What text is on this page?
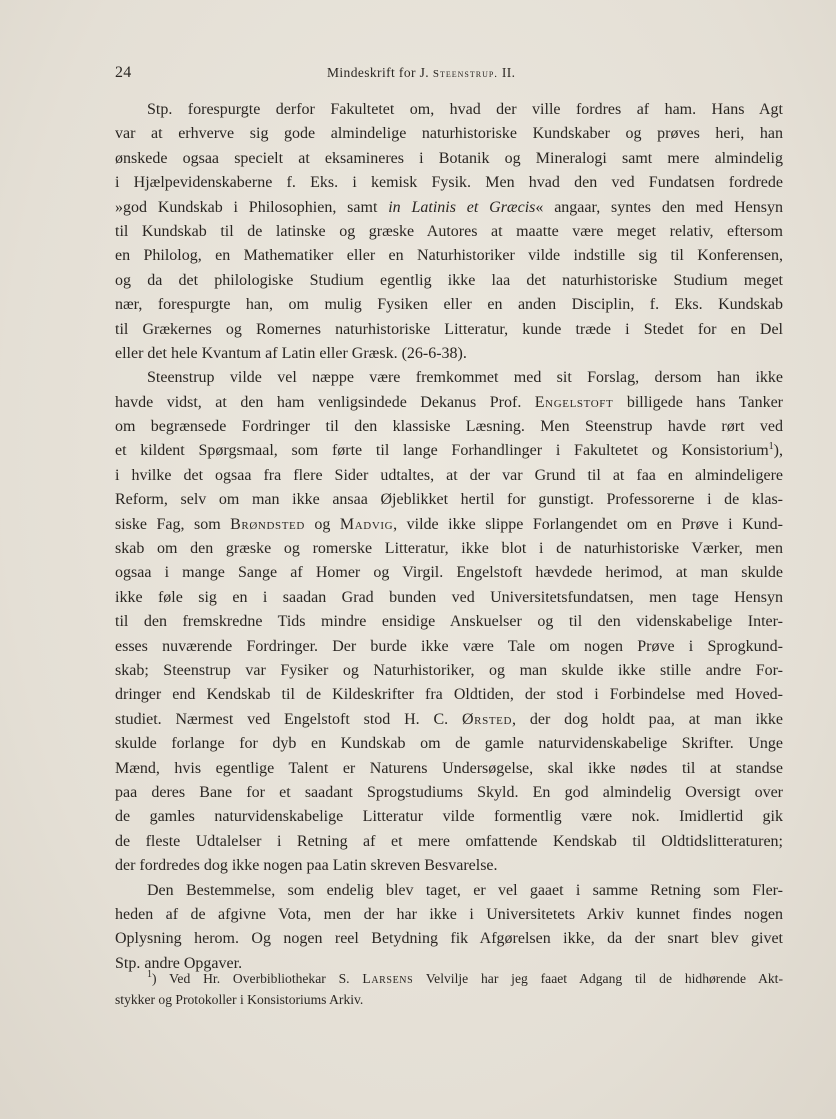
24	Mindeskrift for J. Steenstrup. II.
Stp. forespurgte derfor Fakultetet om, hvad der ville fordres af ham. Hans Agt
var at erhverve sig gode almindelige naturhistoriske Kundskaber og prøves heri, han
ønskede ogsaa specielt at eksamineres i Botanik og Mineralogi samt mere almindelig
i Hjælpevidenskaberne f. Eks. i kemisk Fysik. Men hvad den ved Fundatsen fordrede
»god Kundskab i Philosophien, samt in Latinis et Græcis« angaar, syntes den med Hensyn
til Kundskab til de latinske og græske Autores at maatte være meget relativ, eftersom
en Philolog, en Mathematiker eller en Naturhistoriker vilde indstille sig til Konferensen,
og da det philologiske Studium egentlig ikke laa det naturhistoriske Studium meget
nær, forespurgte han, om mulig Fysiken eller en anden Disciplin, f. Eks. Kundskab
til Grækernes og Romernes naturhistoriske Litteratur, kunde træde i Stedet for en Del
eller det hele Kvantum af Latin eller Græsk. (26-6-38).
Steenstrup vilde vel næppe være fremkommet med sit Forslag, dersom han ikke
havde vidst, at den ham venligsindede Dekanus Prof. Engelstoft billigede hans Tanker
om begrænsede Fordringer til den klassiske Læsning. Men Steenstrup havde rørt ved
et kildent Spørgsmaal, som førte til lange Forhandlinger i Fakultetet og Konsistorium$^1$),
i hvilke det ogsaa fra flere Sider udtaltes, at der var Grund til at faa en almindeligere
Reform, selv om man ikke ansaa Øjeblikket hertil for gunstigt. Professorerne i de klas-
siske Fag, som Brøndsted og Madvig, vilde ikke slippe Forlangendet om en Prøve i Kund-
skab om den græske og romerske Litteratur, ikke blot i de naturhistoriske Værker, men
ogsaa i mange Sange af Homer og Virgil. Engelstoft hævdede herimod, at man skulde
ikke føle sig en i saadan Grad bunden ved Universitetsfundatsen, men tage Hensyn
til den fremskredne Tids mindre ensidige Anskuelser og til den videnskabelige Inter-
esses nuværende Fordringer. Der burde ikke være Tale om nogen Prøve i Sprogkund-
skab; Steenstrup var Fysiker og Naturhistoriker, og man skulde ikke stille andre For-
dringer end Kendskab til de Kildeskrifter fra Oldtiden, der stod i Forbindelse med Hoved-
studiet. Nærmest ved Engelstoft stod H. C. Ørsted, der dog holdt paa, at man ikke
skulde forlange for dyb en Kundskab om de gamle naturvidenskabelige Skrifter. Unge
Mænd, hvis egentlige Talent er Naturens Undersøgelse, skal ikke nødes til at standse
paa deres Bane for et saadant Sprogstudiums Skyld. En god almindelig Oversigt over
de gamles naturvidenskabelige Litteratur vilde formentlig være nok. Imidlertid gik
de fleste Udtalelser i Retning af et mere omfattende Kendskab til Oldtidslitteraturen;
der fordredes dog ikke nogen paa Latin skreven Besvarelse.
Den Bestemmelse, som endelig blev taget, er vel gaaet i samme Retning som Fler-
heden af de afgivne Vota, men der har ikke i Universitetets Arkiv kunnet findes nogen
Oplysning herom. Og nogen reel Betydning fik Afgørelsen ikke, da der snart blev givet
Stp. andre Opgaver.
$^1$) Ved Hr. Overbibliothekar S. Larsens Velvilje har jeg faaet Adgang til de hidhørende Akt-
stykker og Protokoller i Konsistoriums Arkiv.
